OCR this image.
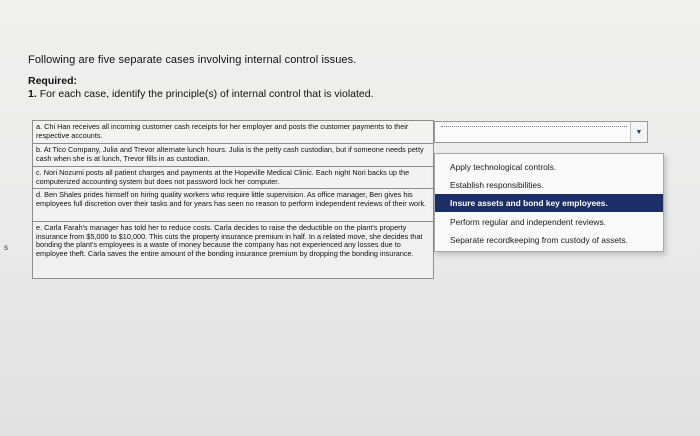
s
Following are five separate cases involving internal control issues.
Required:
1. For each case, identify the principle(s) of internal control that is violated.
a. Chi Han receives all incoming customer cash receipts for her employer and posts the customer payments to their respective accounts.
b. At Tico Company, Julia and Trevor alternate lunch hours. Julia is the petty cash custodian, but if someone needs petty cash when she is at lunch, Trevor fills in as custodian.
c. Nori Nozumi posts all patient charges and payments at the Hopeville Medical Clinic. Each night Nori backs up the computerized accounting system but does not password lock her computer.
d. Ben Shales prides himself on hiring quality workers who require little supervision. As office manager, Ben gives his employees full discretion over their tasks and for years has seen no reason to perform independent reviews of their work.
e. Carla Farah's manager has told her to reduce costs. Carla decides to raise the deductible on the plant's property insurance from $5,000 to $10,000. This cuts the property insurance premium in half. In a related move, she decides that bonding the plant's employees is a waste of money because the company has not experienced any losses due to employee theft. Carla saves the entire amount of the bonding insurance premium by dropping the bonding insurance.
▼
Apply technological controls.
Establish responsibilities.
Insure assets and bond key employees.
Perform regular and independent reviews.
Separate recordkeeping from custody of assets.
